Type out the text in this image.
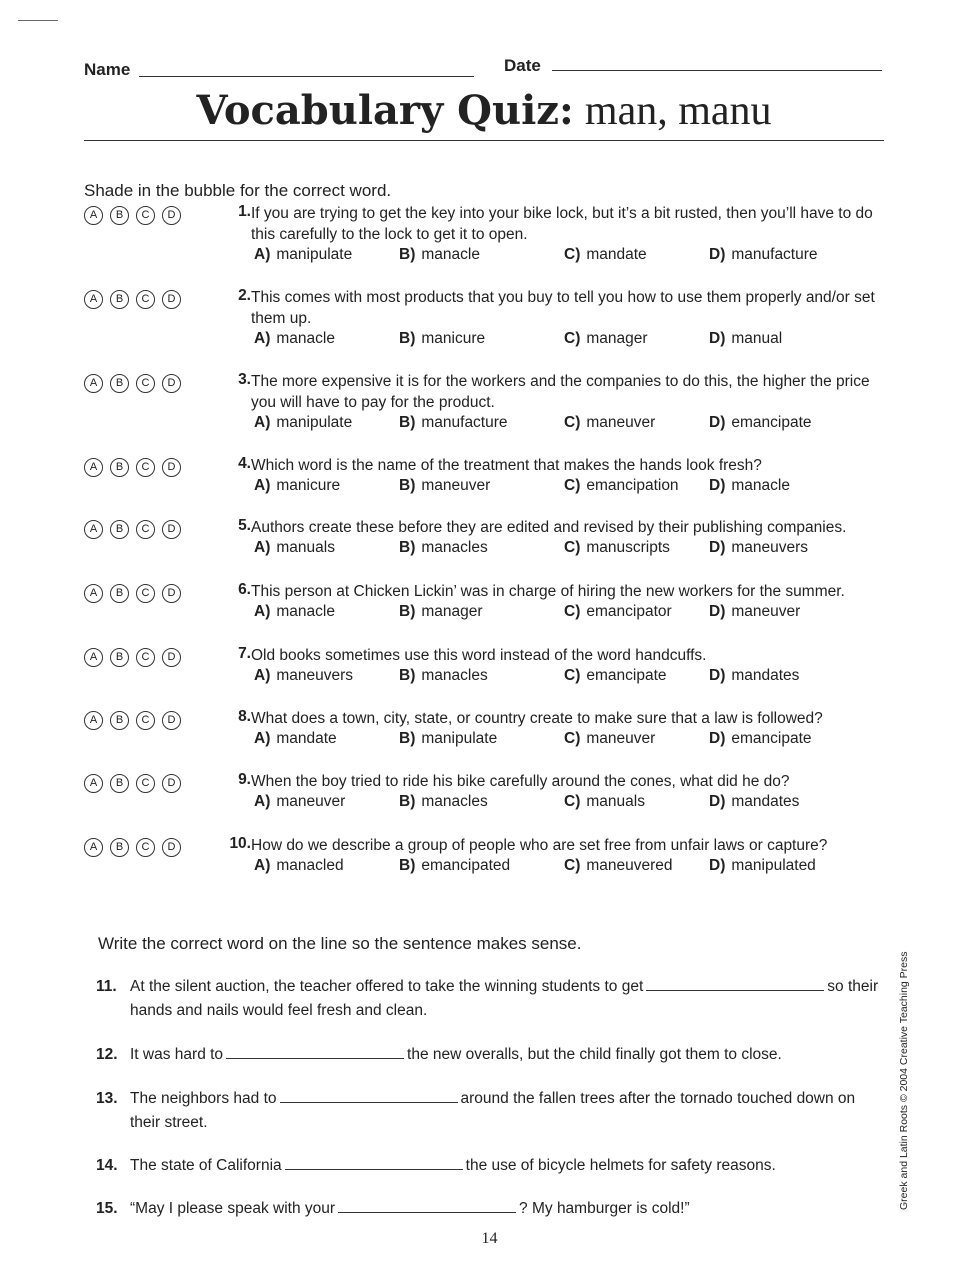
Name	Date
Vocabulary Quiz: man, manu
Shade in the bubble for the correct word.
A	B	C	D	1. If you are trying to get the key into your bike lock, but it’s a bit rusted, then you’ll have to do this carefully to the lock to get it to open.
A) manipulate	B) manacle	C) mandate	D) manufacture
A	B	C	D	2. This comes with most products that you buy to tell you how to use them properly and/or set them up.
A) manacle	B) manicure	C) manager	D) manual
A	B	C	D	3. The more expensive it is for the workers and the companies to do this, the higher the price you will have to pay for the product.
A) manipulate	B) manufacture	C) maneuver	D) emancipate
A	B	C	D	4. Which word is the name of the treatment that makes the hands look fresh?
A) manicure	B) maneuver	C) emancipation D) manacle
A	B	C	D	5. Authors create these before they are edited and revised by their publishing companies.
A) manuals	B) manacles	C) manuscripts	D) maneuvers
A	B	C	D	6. This person at Chicken Lickin’ was in charge of hiring the new workers for the summer.
A) manacle	B) manager	C) emancipator D) maneuver
A	B	C	D	7. Old books sometimes use this word instead of the word handcuffs.
A) maneuvers	B) manacles	C) emancipate	D) mandates
A	B	C	D	8. What does a town, city, state, or country create to make sure that a law is followed?
A) mandate	B) manipulate	C) maneuver	D) emancipate
A	B	C	D	9. When the boy tried to ride his bike carefully around the cones, what did he do?
A) maneuver	B) manacles	C) manuals	D) mandates
A	B	C	D	10. How do we describe a group of people who are set free from unfair laws or capture?
A) manacled	B) emancipated	C) maneuvered D) manipulated
Write the correct word on the line so the sentence makes sense.
11. At the silent auction, the teacher offered to take the winning students to get	so their hands and nails would feel fresh and clean.
12. It was hard to	the new overalls, but the child finally got them to close.
13. The neighbors had to	around the fallen trees after the tornado touched down on their street.
14. The state of California	the use of bicycle helmets for safety reasons.
15. “May I please speak with your	? My hamburger is cold!”	Greek and Latin Roots © 2004 Creative Teaching Press
14
